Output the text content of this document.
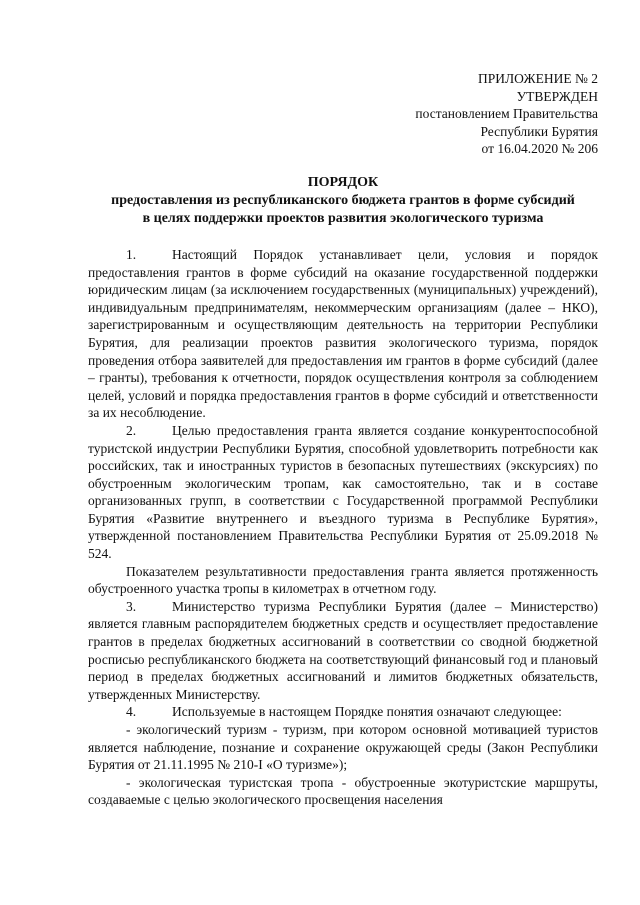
ПРИЛОЖЕНИЕ № 2
УТВЕРЖДЕН
постановлением Правительства
Республики Бурятия
от 16.04.2020 № 206
ПОРЯДОК
предоставления из республиканского бюджета грантов в форме субсидий
в целях поддержки проектов развития экологического туризма

1.	Настоящий Порядок устанавливает цели, условия и порядок предоставления грантов в форме субсидий на оказание государственной поддержки юридическим лицам (за исключением государственных (муниципальных) учреждений), индивидуальным предпринимателям, некоммерческим организациям (далее – НКО), зарегистрированным и осуществляющим деятельность на территории Республики Бурятия, для реализации проектов развития экологического туризма, порядок проведения отбора заявителей для предоставления им грантов в форме субсидий (далее – гранты), требования к отчетности, порядок осуществления контроля за соблюдением целей, условий и порядка предоставления грантов в форме субсидий и ответственности за их несоблюдение.

2.	Целью предоставления гранта является создание конкурентоспособной туристской индустрии Республики Бурятия, способной удовлетворить потребности как российских, так и иностранных туристов в безопасных путешествиях (экскурсиях) по обустроенным экологическим тропам, как самостоятельно, так и в составе организованных групп, в соответствии с Государственной программой Республики Бурятия «Развитие внутреннего и въездного туризма в Республике Бурятия», утвержденной постановлением Правительства Республики Бурятия от 25.09.2018 № 524.

Показателем результативности предоставления гранта является протяженность обустроенного участка тропы в километрах в отчетном году.

3.	Министерство туризма Республики Бурятия (далее – Министерство) является главным распорядителем бюджетных средств и осуществляет предоставление грантов в пределах бюджетных ассигнований в соответствии со сводной бюджетной росписью республиканского бюджета на соответствующий финансовый год и плановый период в пределах бюджетных ассигнований и лимитов бюджетных обязательств, утвержденных Министерству.

4.	Используемые в настоящем Порядке понятия означают следующее:

- экологический туризм - туризм, при котором основной мотивацией туристов является наблюдение, познание и сохранение окружающей среды (Закон Республики Бурятия от 21.11.1995 № 210-I «О туризме»);

- экологическая туристская тропа - обустроенные экотуристские маршруты, создаваемые с целью экологического просвещения населения
